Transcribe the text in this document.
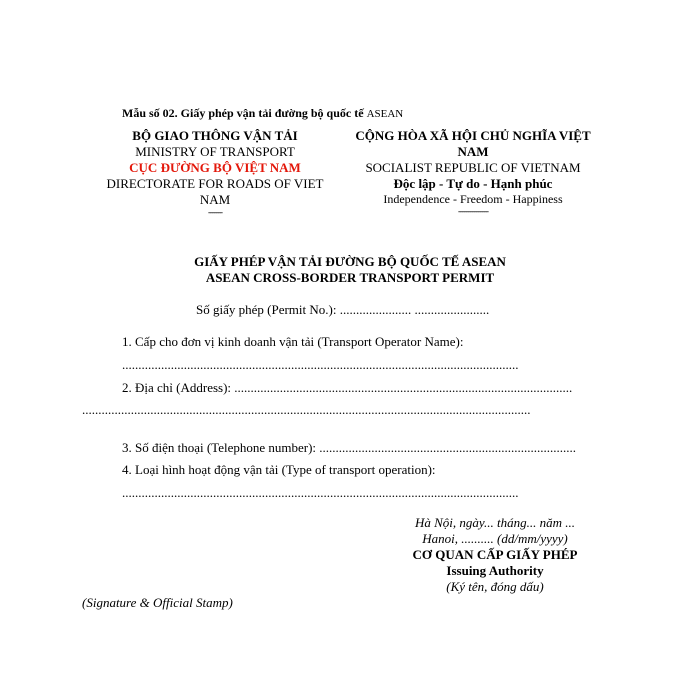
Mẫu số 02. Giấy phép vận tải đường bộ quốc tế ASEAN
BỘ GIAO THÔNG VẬN TẢI
MINISTRY OF TRANSPORT
CỤC ĐƯỜNG BỘ VIỆT NAM
DIRECTORATE FOR ROADS OF VIET
NAM
-------
CỘNG HÒA XÃ HỘI CHỦ NGHĨA VIỆT
NAM
SOCIALIST REPUBLIC OF VIETNAM
Độc lập - Tự do - Hạnh phúc
Independence - Freedom - Happiness
---------------
GIẤY PHÉP VẬN TẢI ĐƯỜNG BỘ QUỐC TẾ ASEAN
ASEAN CROSS-BORDER TRANSPORT PERMIT
Số giấy phép (Permit No.): ...................... .......................
1. Cấp cho đơn vị kinh doanh vận tải (Transport Operator Name):
..........................................................................................................................
2. Địa chỉ (Address): ........................................................................................................
..........................................................................................................................................
3. Số điện thoại (Telephone number): ...............................................................................
4. Loại hình hoạt động vận tải (Type of transport operation):
..........................................................................................................................
Hà Nội, ngày... tháng... năm ...
Hanoi, .......... (dd/mm/yyyy)
CƠ QUAN CẤP GIẤY PHÉP
Issuing Authority
(Ký tên, đóng dấu)
(Signature & Official Stamp)
